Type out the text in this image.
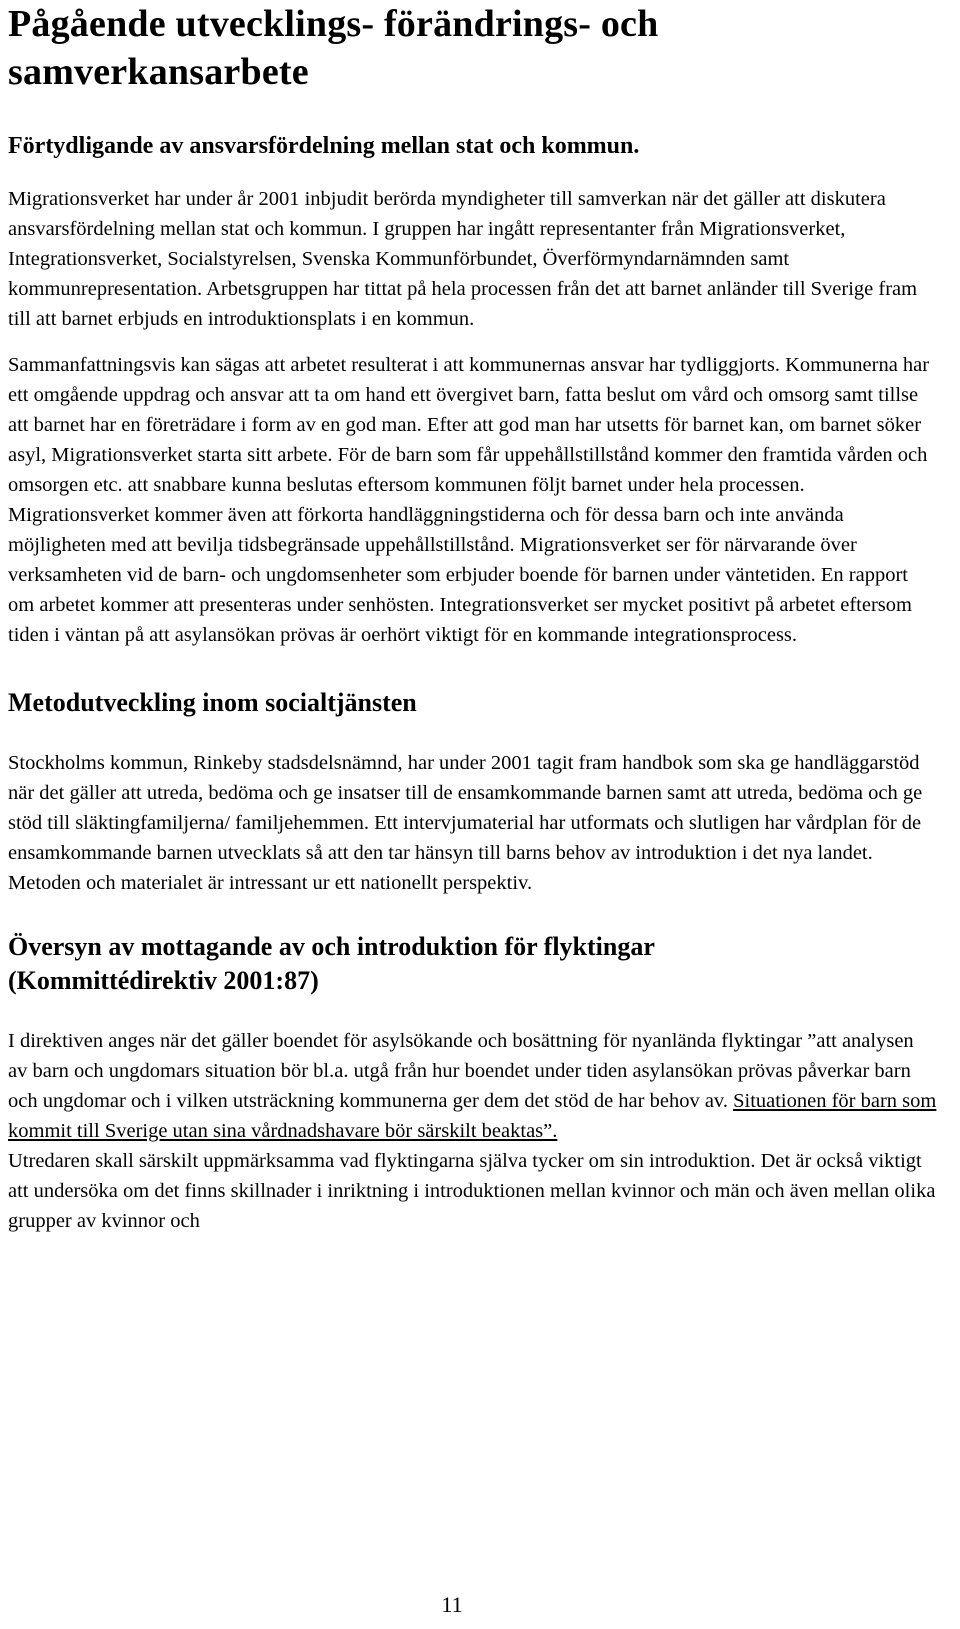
Pågående utvecklings- förändrings- och samverkansarbete
Förtydligande av ansvarsfördelning mellan stat och kommun.

Migrationsverket har under år 2001 inbjudit berörda myndigheter till samverkan när det gäller att diskutera ansvarsfördelning mellan stat och kommun. I gruppen har ingått representanter från Migrationsverket, Integrationsverket, Socialstyrelsen, Svenska Kommunförbundet, Överförmyndarnämnden samt kommunrepresentation. Arbetsgruppen har tittat på hela processen från det att barnet anländer till Sverige fram till att barnet erbjuds en introduktionsplats i en kommun.

Sammanfattningsvis kan sägas att arbetet resulterat i att kommunernas ansvar har tydliggjorts. Kommunerna har ett omgående uppdrag och ansvar att ta om hand ett övergivet barn, fatta beslut om vård och omsorg samt tillse att barnet har en företrädare i form av en god man. Efter att god man har utsetts för barnet kan, om barnet söker asyl, Migrationsverket starta sitt arbete. För de barn som får uppehållstillstånd kommer den framtida vården och omsorgen etc. att snabbare kunna beslutas eftersom kommunen följt barnet under hela processen. Migrationsverket kommer även att förkorta handläggningstiderna och för dessa barn och inte använda möjligheten med att bevilja tidsbegränsade uppehållstillstånd. Migrationsverket ser för närvarande över verksamheten vid de barn- och ungdomsenheter som erbjuder boende för barnen under väntetiden. En rapport om arbetet kommer att presenteras under senhösten. Integrationsverket ser mycket positivt på arbetet eftersom tiden i väntan på att asylansökan prövas är oerhört viktigt för en kommande integrationsprocess.

Metodutveckling inom socialtjänsten

Stockholms kommun, Rinkeby stadsdelsnämnd, har under 2001 tagit fram handbok som ska ge handläggarstöd när det gäller att utreda, bedöma och ge insatser till de ensamkommande barnen samt att utreda, bedöma och ge stöd till släktingfamiljerna/ familjehemmen. Ett intervjumaterial har utformats och slutligen har vårdplan för de ensamkommande barnen utvecklats så att den tar hänsyn till barns behov av introduktion i det nya landet. Metoden och materialet är intressant ur ett nationellt perspektiv.

Översyn av mottagande av och introduktion för flyktingar (Kommittédirektiv 2001:87)

I direktiven anges när det gäller boendet för asylsökande och bosättning för nyanlända flyktingar ”att analysen av barn och ungdomars situation bör bl.a. utgå från hur boendet under tiden asylansökan prövas påverkar barn och ungdomar och i vilken utsträckning kommunerna ger dem det stöd de har behov av. Situationen för barn som kommit till Sverige utan sina vårdnadshavare bör särskilt beaktas”.

Utredaren skall särskilt uppmärksamma vad flyktingarna själva tycker om sin introduktion. Det är också viktigt att undersöka om det finns skillnader i inriktning i introduktionen mellan kvinnor och män och även mellan olika grupper av kvinnor och

11
